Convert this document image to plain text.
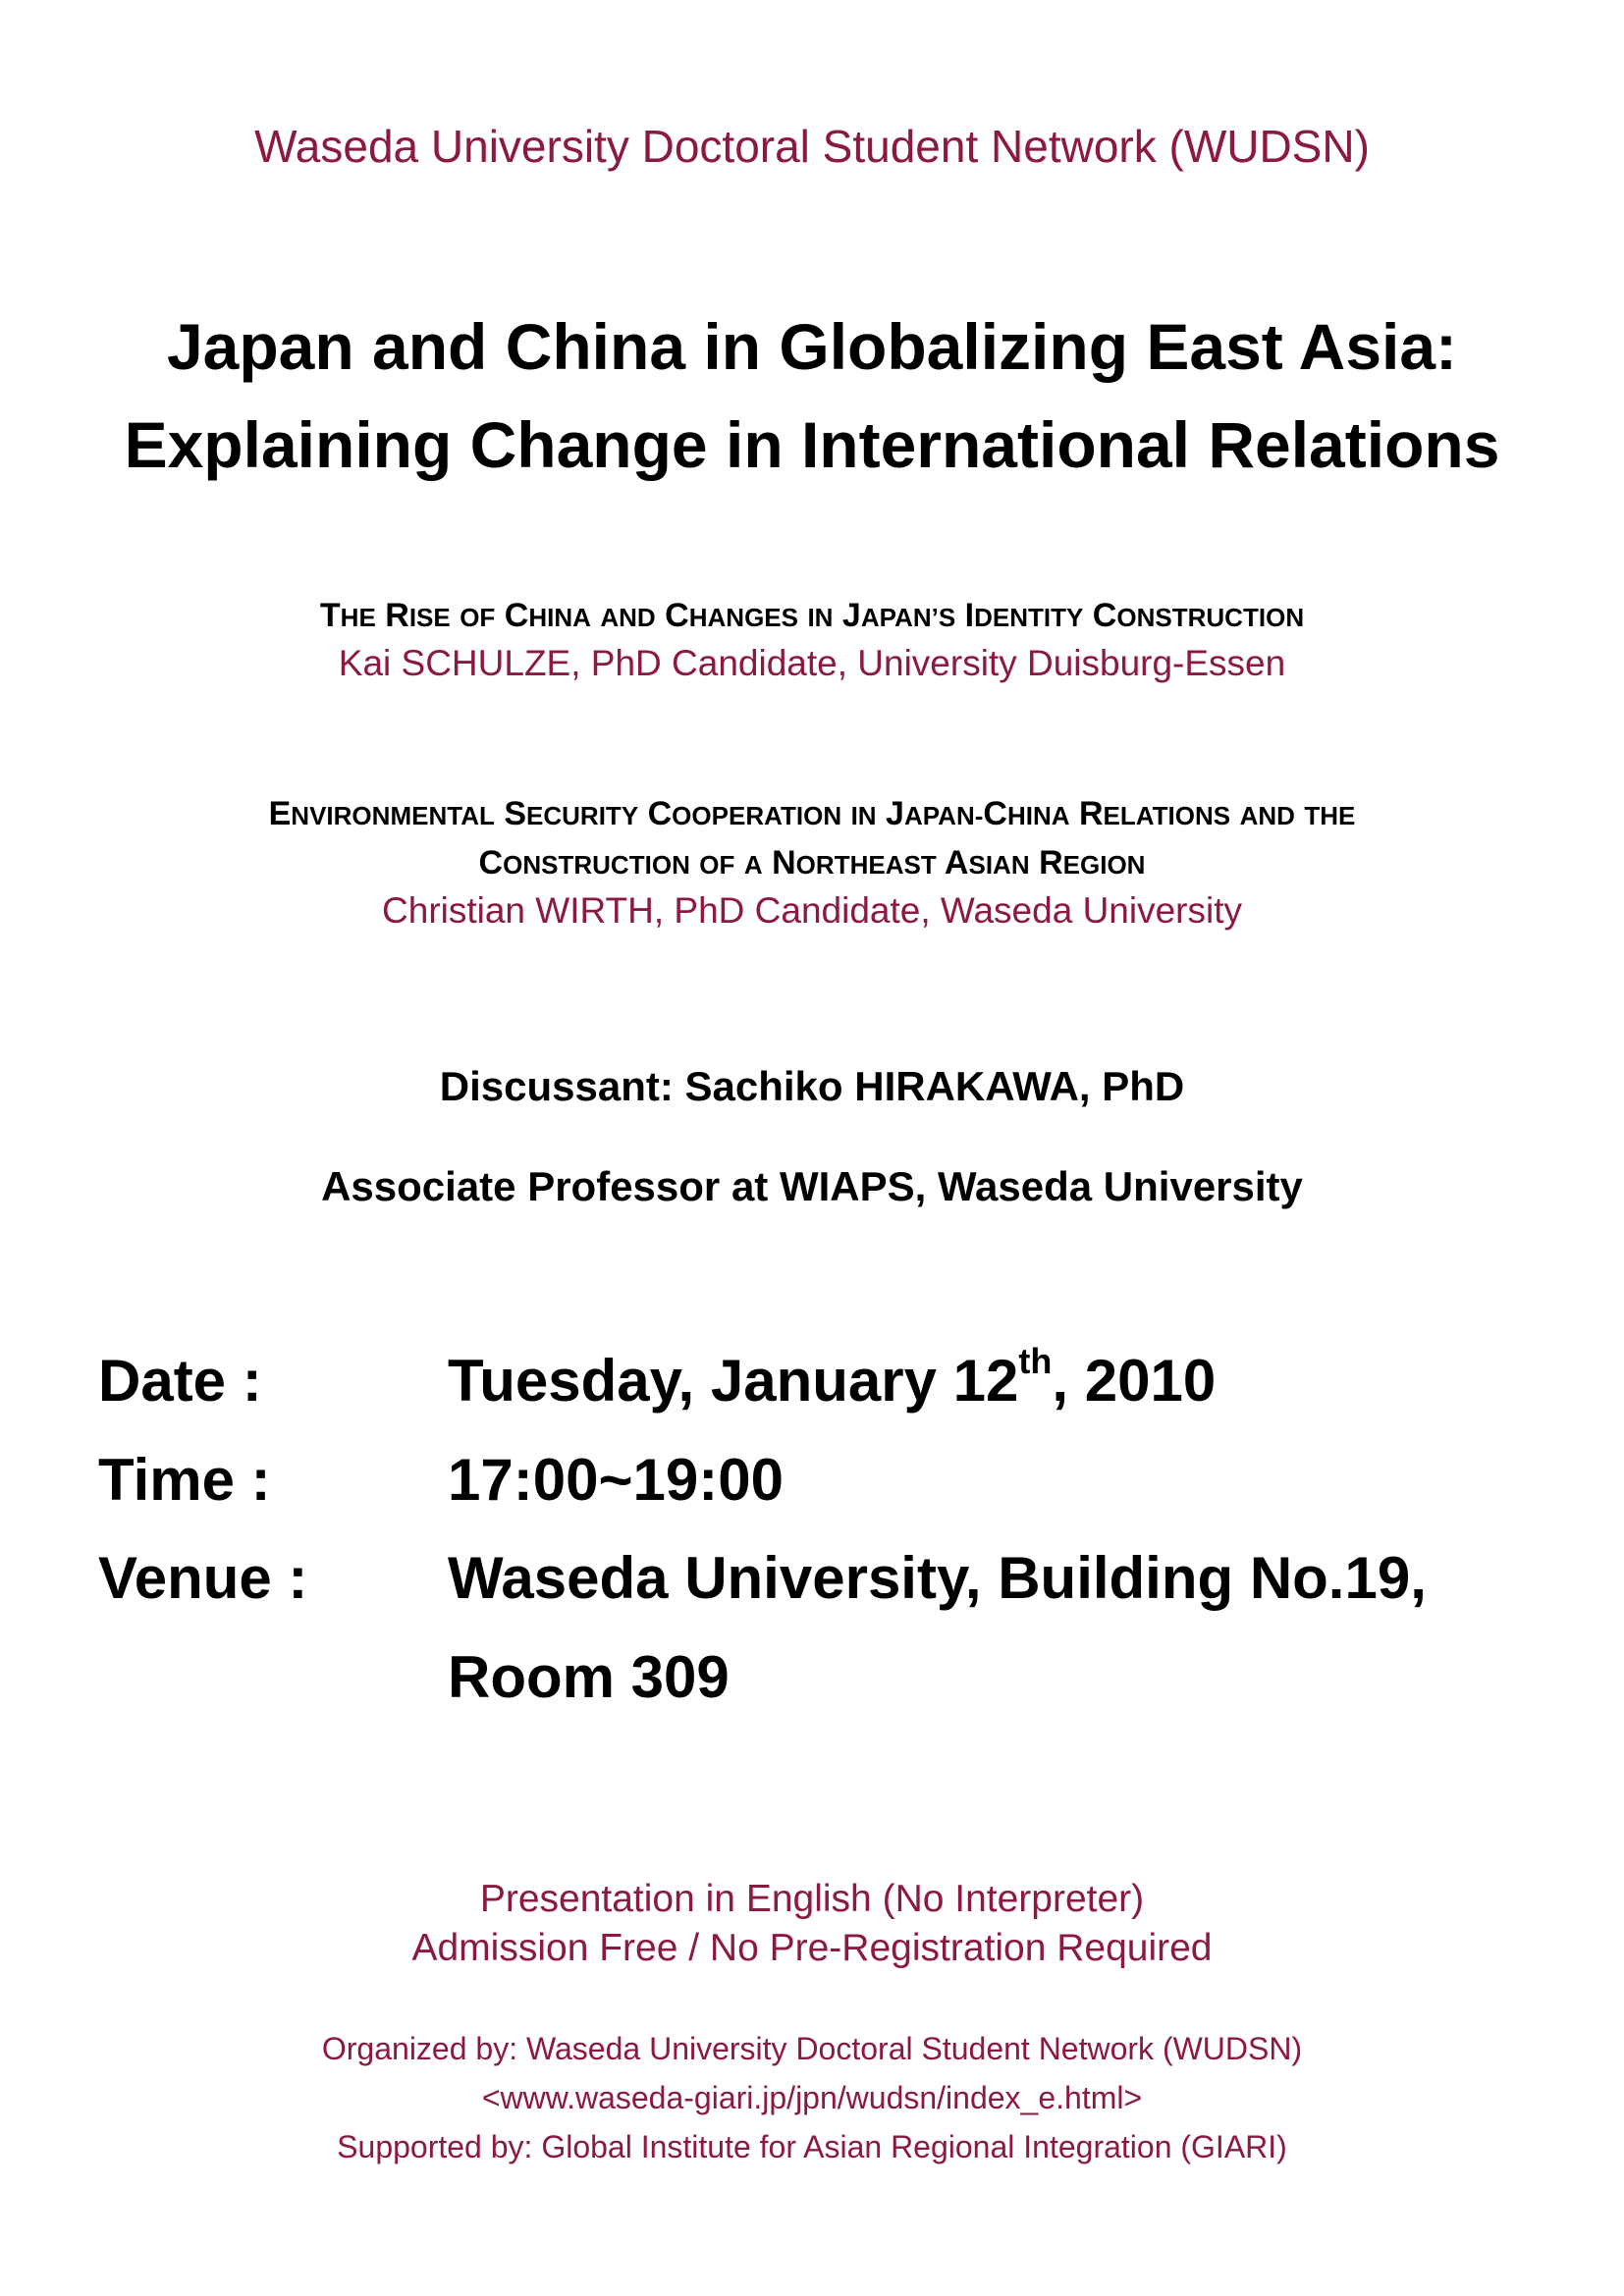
Waseda University Doctoral Student Network (WUDSN)
Japan and China in Globalizing East Asia:
Explaining Change in International Relations
THE RISE OF CHINA AND CHANGES IN JAPAN’S IDENTITY CONSTRUCTION
Kai SCHULZE, PhD Candidate, University Duisburg-Essen
ENVIRONMENTAL SECURITY COOPERATION IN JAPAN-CHINA RELATIONS AND THE
CONSTRUCTION OF A NORTHEAST ASIAN REGION
Christian WIRTH, PhD Candidate, Waseda University
Discussant: Sachiko HIRAKAWA, PhD
Associate Professor at WIAPS, Waseda University
Date :	Tuesday, January 12th, 2010
Time :	17:00~19:00
Venue : Waseda University, Building No.19,
Room 309
Presentation in English (No Interpreter)
Admission Free / No Pre-Registration Required
Organized by: Waseda University Doctoral Student Network (WUDSN)
<www.waseda-giari.jp/jpn/wudsn/index_e.html>
Supported by: Global Institute for Asian Regional Integration (GIARI)
